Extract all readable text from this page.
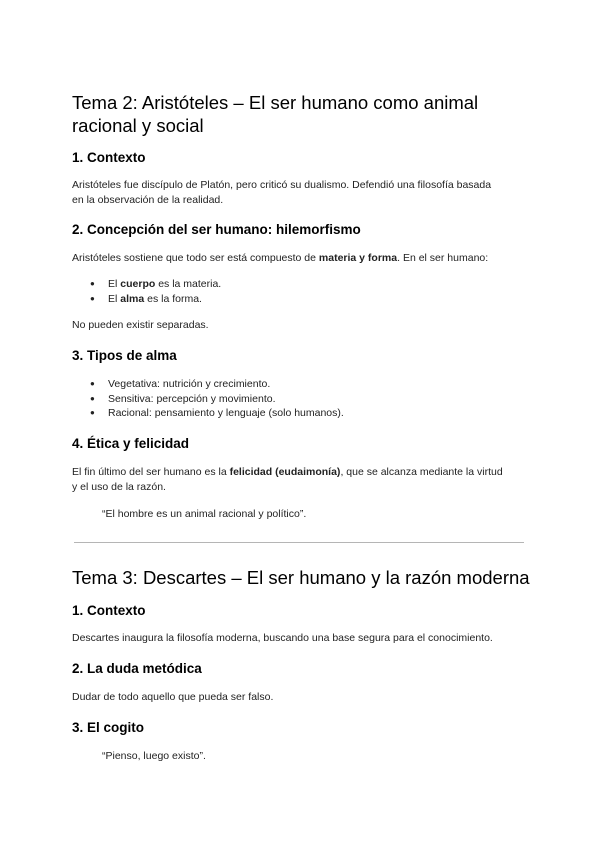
Tema 2: Aristóteles – El ser humano como animal
racional y social
1. Contexto

Aristóteles fue discípulo de Platón, pero criticó su dualismo. Defendió una filosofía basada

en la observación de la realidad.

2. Concepción del ser humano: hilemorfismo

Aristóteles sostiene que todo ser está compuesto de materia y forma. En el ser humano:

● El cuerpo es la materia.
● El alma es la forma.

No pueden existir separadas.

3. Tipos de alma
● Vegetativa: nutrición y crecimiento.
● Sensitiva: percepción y movimiento.
● Racional: pensamiento y lenguaje (solo humanos).
4. Ética y felicidad

El fin último del ser humano es la felicidad (eudaimonía), que se alcanza mediante la virtud

y el uso de la razón.

“El hombre es un animal racional y político”.

Tema 3: Descartes – El ser humano y la razón moderna
1. Contexto

Descartes inaugura la filosofía moderna, buscando una base segura para el conocimiento.

2. La duda metódica

Dudar de todo aquello que pueda ser falso.

3. El cogito

“Pienso, luego existo”.
